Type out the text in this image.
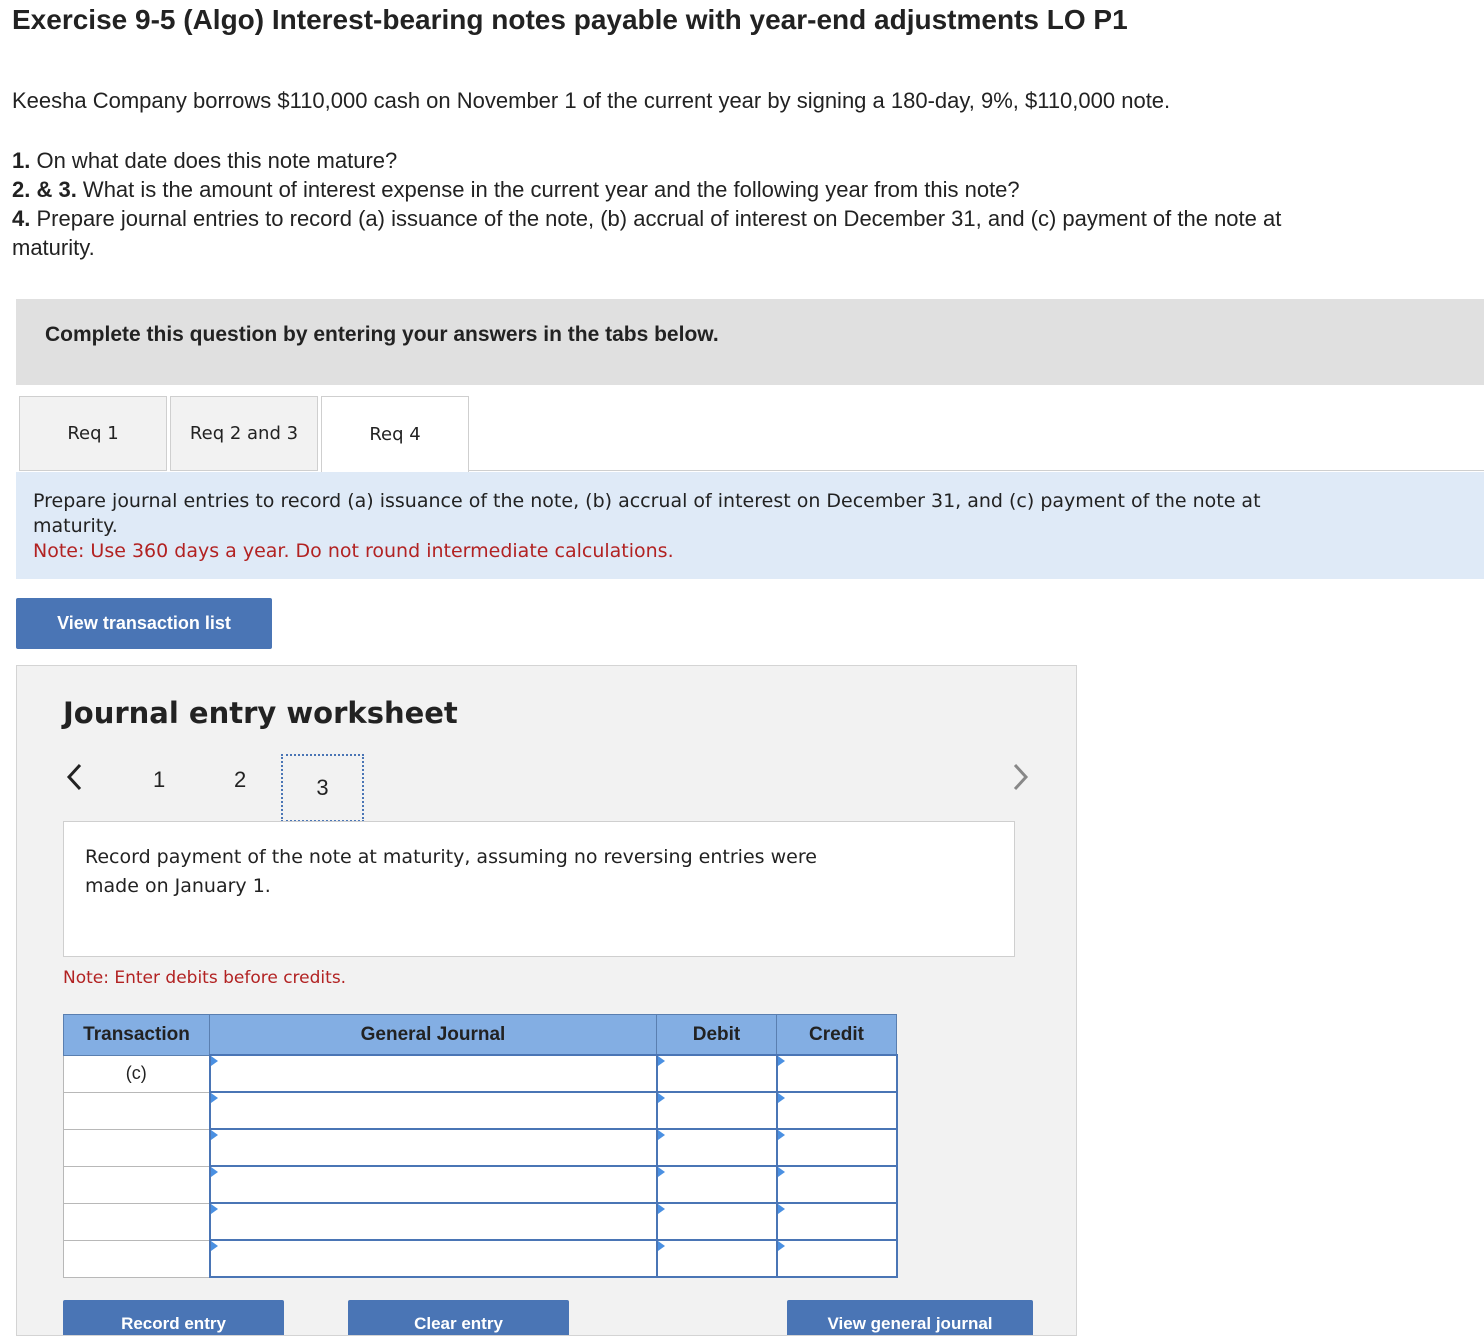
Exercise 9-5 (Algo) Interest-bearing notes payable with year-end adjustments LO P1
Keesha Company borrows $110,000 cash on November 1 of the current year by signing a 180-day, 9%, $110,000 note.
1. On what date does this note mature?
2. & 3. What is the amount of interest expense in the current year and the following year from this note?
4. Prepare journal entries to record (a) issuance of the note, (b) accrual of interest on December 31, and (c) payment of the note at
maturity.
Complete this question by entering your answers in the tabs below.
Req 1	Req 2 and 3	Req 4
Prepare journal entries to record (a) issuance of the note, (b) accrual of interest on December 31, and (c) payment of the note at
maturity.
Note: Use 360 days a year. Do not round intermediate calculations.
View transaction list
Journal entry worksheet
1	2	3
Record payment of the note at maturity, assuming no reversing entries were
made on January 1.
Note: Enter debits before credits.
Transaction	General Journal	Debit	Credit
(c)			

Record entry	Clear entry	View general journal
